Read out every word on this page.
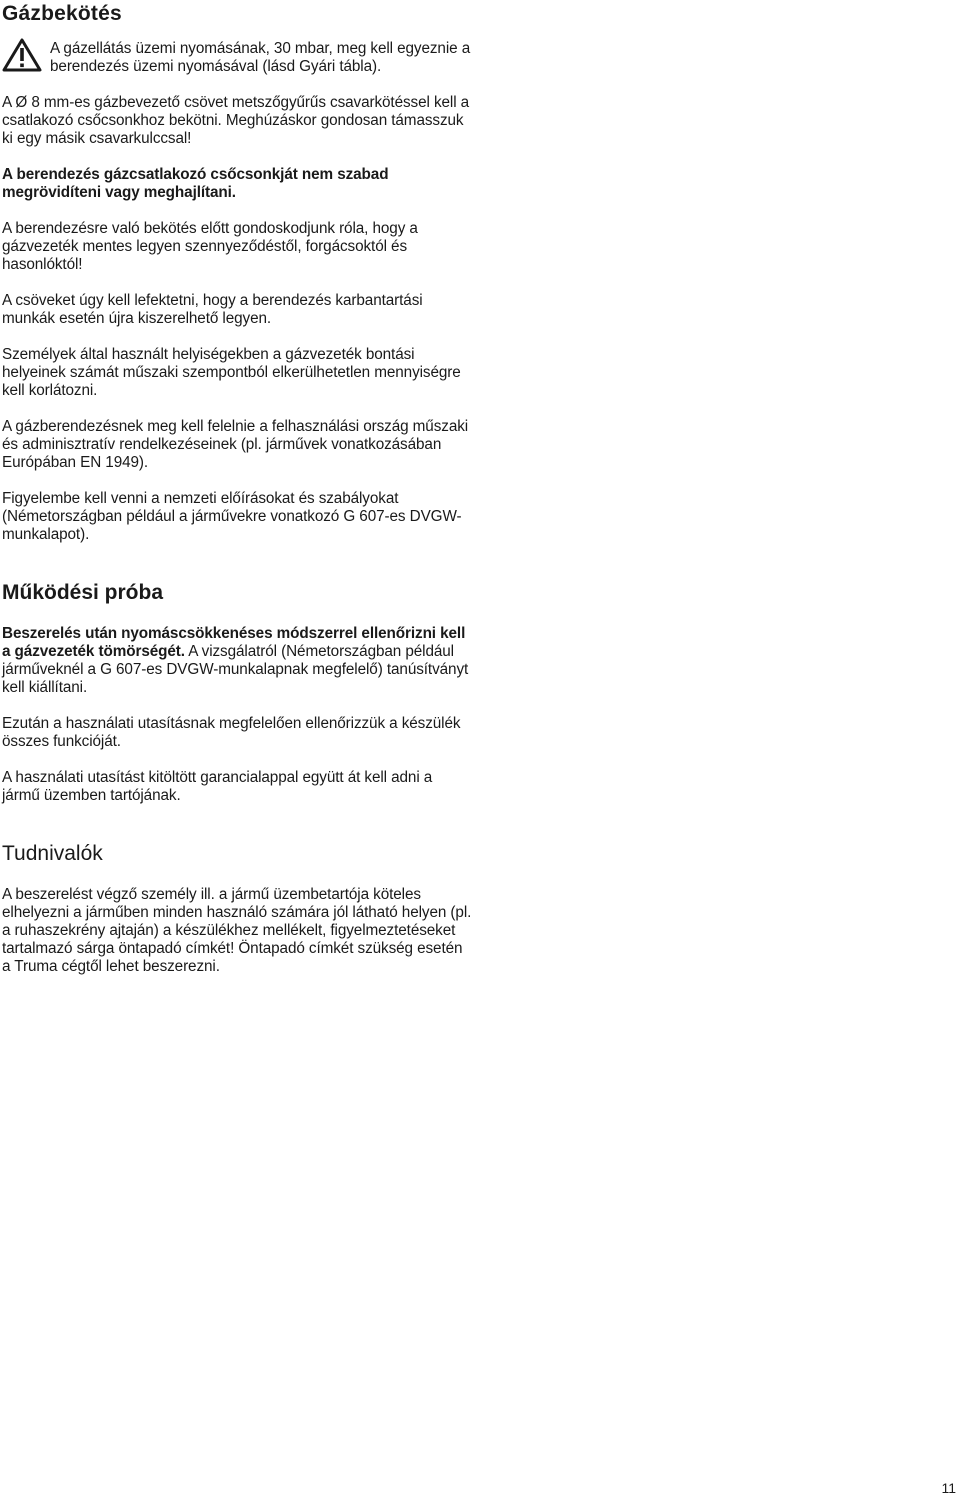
Gázbekötés
A gázellátás üzemi nyomásának, 30 mbar, meg kell egyeznie a berendezés üzemi nyomásával (lásd Gyári tábla).

A Ø 8 mm-es gázbevezető csövet metszőgyűrűs csavarkötéssel kell a csatlakozó csőcsonkhoz bekötni. Meghúzáskor gondosan támasszuk ki egy másik csavarkulccsal!

A berendezés gázcsatlakozó csőcsonkját nem szabad megrövidíteni vagy meghajlítani.

A berendezésre való bekötés előtt gondoskodjunk róla, hogy a gázvezeték mentes legyen szennyeződéstől, forgácsoktól és hasonlóktól!

A csöveket úgy kell lefektetni, hogy a berendezés karbantartási munkák esetén újra kiszerelhető legyen.

Személyek által használt helyiségekben a gázvezeték bontási helyeinek számát műszaki szempontból elkerülhetetlen mennyiségre kell korlátozni.

A gázberendezésnek meg kell felelnie a felhasználási ország műszaki és adminisztratív rendelkezéseinek (pl. járművek vonatkozásában Európában EN 1949).

Figyelembe kell venni a nemzeti előírásokat és szabályokat (Németországban például a járművekre vonatkozó G 607-es DVGW-munkalapot).

Működési próba

Beszerelés után nyomáscsökkenéses módszerrel ellenőrizni kell a gázvezeték tömörségét. A vizsgálatról (Németországban például járműveknél a G 607-es DVGW-munkalapnak megfelelő) tanúsítványt kell kiállítani.

Ezután a használati utasításnak megfelelően ellenőrizzük a készülék összes funkcióját.

A használati utasítást kitöltött garancialappal együtt át kell adni a jármű üzemben tartójának.

Tudnivalók

A beszerelést végző személy ill. a jármű üzembetartója köteles elhelyezni a járműben minden használó számára jól látható helyen (pl. a ruhaszekrény ajtaján) a készülékhez mellékelt, figyelmeztetéseket tartalmazó sárga öntapadó címkét! Öntapadó címkét szükség esetén a Truma cégtől lehet beszerezni.

11
